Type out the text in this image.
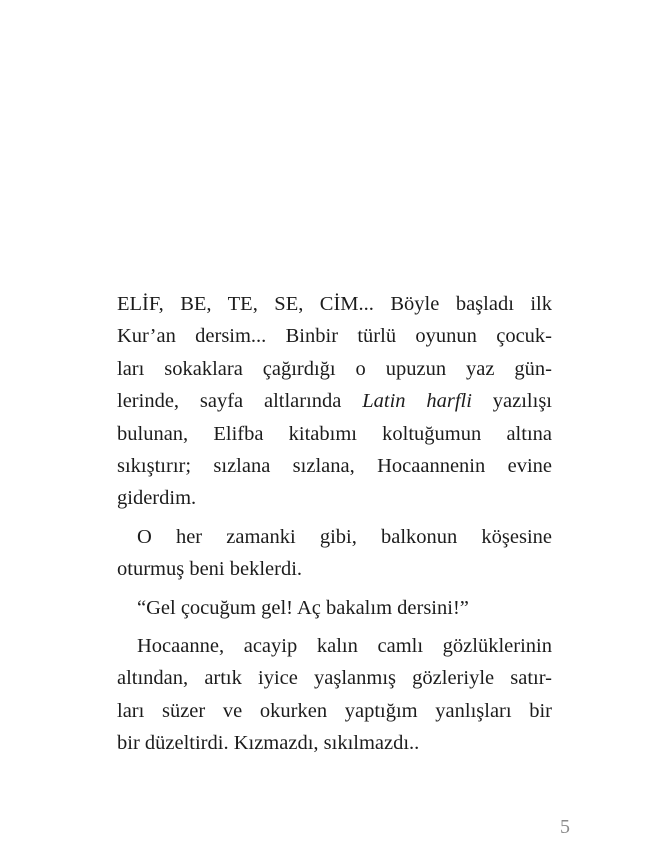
ELİF, BE, TE, SE, CİM... Böyle başladı ilk
Kur’an dersim... Binbir türlü oyunun çocuk-
ları sokaklara çağırdığı o upuzun yaz gün-
lerinde, sayfa altlarında Latin harfli yazılışı
bulunan, Elifba kitabımı koltuğumun altına
sıkıştırır; sızlana sızlana, Hocaannenin evine
giderdim.
O her zamanki gibi, balkonun köşesine
oturmuş beni beklerdi.
“Gel çocuğum gel! Aç bakalım dersini!”
Hocaanne, acayip kalın camlı gözlüklerinin
altından, artık iyice yaşlanmış gözleriyle satır-
ları süzer ve okurken yaptığım yanlışları bir
bir düzeltirdi. Kızmazdı, sıkılmazdı..
5
